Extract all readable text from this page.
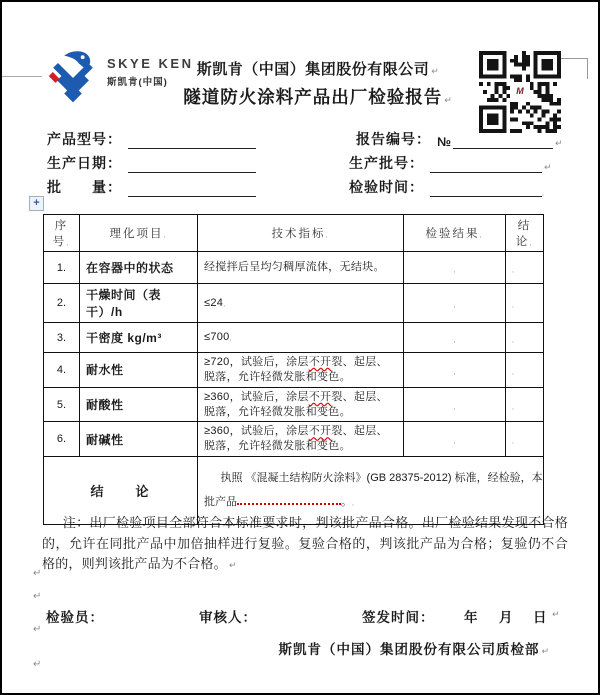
SKYE KEN
斯凯肯(中国)
斯凯肯（中国）集团股份有限公司 ↵
隧道防火涂料产品出厂检验报告 ↵
M
产品型号：
生产日期：
批　　量：
报告编号： №	↵
生产批号：	↵
检验时间：	,
+
序号,	理化项目,	技术指标,	检验结果,	结论,
1.	在容器中的状态	经搅拌后呈均匀稠厚流体，无结块。	,	,
2.	干燥时间（表干）/h	≤24,	,	,
3.	干密度 kg/m³	≤700,	,	,
4.	耐水性	≥720，试验后，涂层不开裂、起层、脱落，允许轻微发胀和变色。	,	,
5.	耐酸性	≥360，试验后，涂层不开裂、起层、脱落，允许轻微发胀和变色。	,	,
6.	耐碱性	≥360，试验后，涂层不开裂、起层、脱落，允许轻微发胀和变色。	,	,
结　　论		执照 《混凝土结构防火涂料》(GB 28375-2012) 标准，经检验，本
批产品 。,		
注：出厂检验项目全部符合本标准要求时，判该批产品合格。出厂检验结果发现不合格的，允许在同批产品中加倍抽样进行复验。复验合格的，判该批产品为合格；复验仍不合格的，则判该批产品为不合格。 ↵
↵
↵
↵
↵
检验员：	审核人：	签发时间： 年 月 日 ↵
斯凯肯（中国）集团股份有限公司质检部 ↵
